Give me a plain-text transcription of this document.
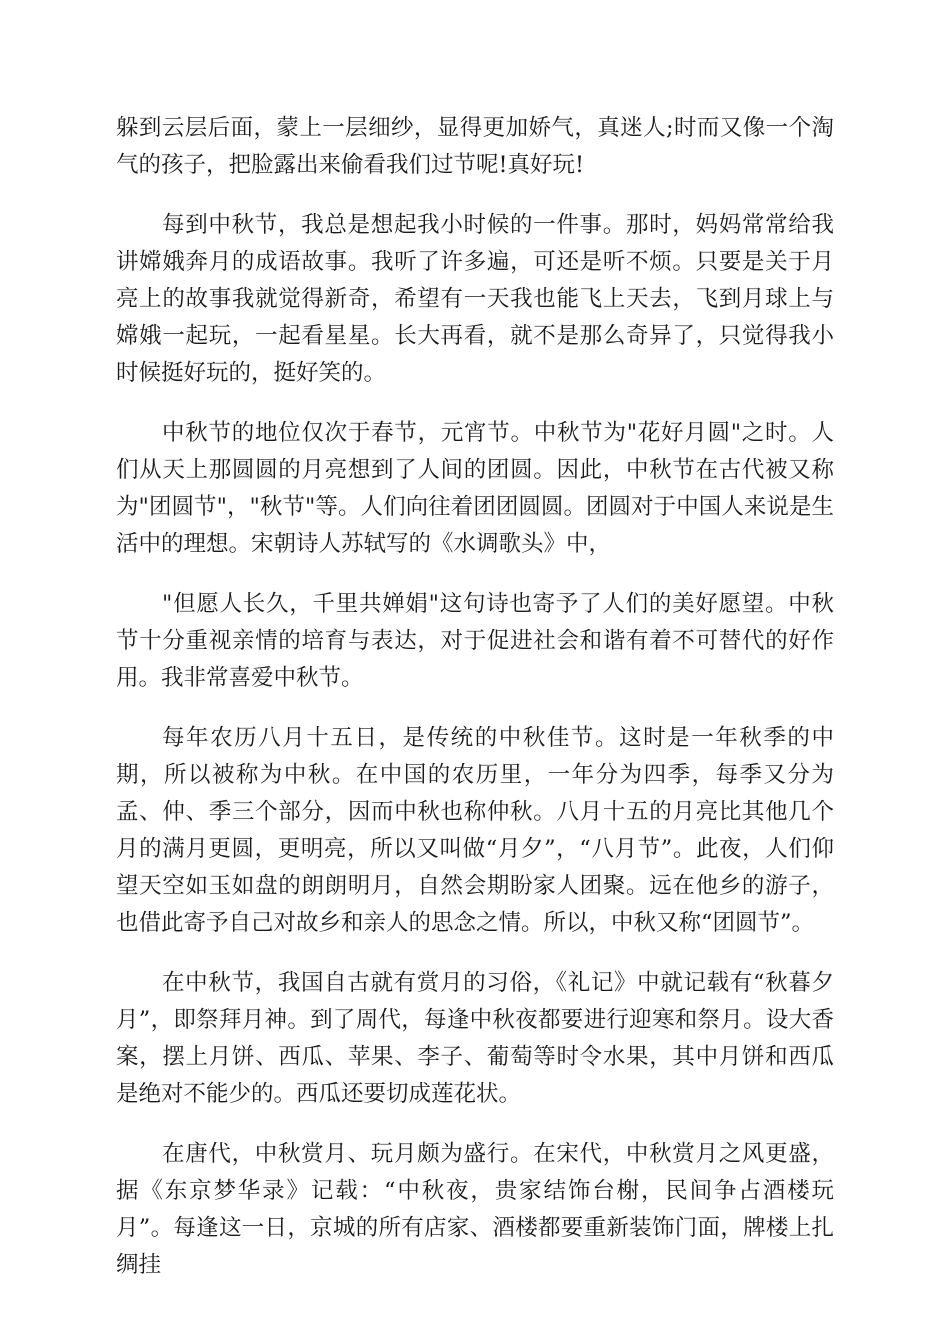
躲到云层后面，蒙上一层细纱，显得更加娇气，真迷人;时而又像一个淘气的孩子，把脸露出来偷看我们过节呢!真好玩!

每到中秋节，我总是想起我小时候的一件事。那时，妈妈常常给我讲嫦娥奔月的成语故事。我听了许多遍，可还是听不烦。只要是关于月亮上的故事我就觉得新奇，希望有一天我也能飞上天去，飞到月球上与嫦娥一起玩，一起看星星。长大再看，就不是那么奇异了，只觉得我小时候挺好玩的，挺好笑的。

中秋节的地位仅次于春节，元宵节。中秋节为"花好月圆"之时。人们从天上那圆圆的月亮想到了人间的团圆。因此，中秋节在古代被又称为"团圆节"，"秋节"等。人们向往着团团圆圆。团圆对于中国人来说是生活中的理想。宋朝诗人苏轼写的《水调歌头》中，

"但愿人长久，千里共婵娟"这句诗也寄予了人们的美好愿望。中秋节十分重视亲情的培育与表达，对于促进社会和谐有着不可替代的好作用。我非常喜爱中秋节。

每年农历八月十五日，是传统的中秋佳节。这时是一年秋季的中期，所以被称为中秋。在中国的农历里，一年分为四季，每季又分为孟、仲、季三个部分，因而中秋也称仲秋。八月十五的月亮比其他几个月的满月更圆，更明亮，所以又叫做“月夕”，“八月节”。此夜，人们仰望天空如玉如盘的朗朗明月，自然会期盼家人团聚。远在他乡的游子，也借此寄予自己对故乡和亲人的思念之情。所以，中秋又称“团圆节”。

在中秋节，我国自古就有赏月的习俗，《礼记》中就记载有“秋暮夕月”，即祭拜月神。到了周代，每逢中秋夜都要进行迎寒和祭月。设大香案，摆上月饼、西瓜、苹果、李子、葡萄等时令水果，其中月饼和西瓜是绝对不能少的。西瓜还要切成莲花状。

在唐代，中秋赏月、玩月颇为盛行。在宋代，中秋赏月之风更盛，据《东京梦华录》记载：“中秋夜，贵家结饰台榭，民间争占酒楼玩月”。每逢这一日，京城的所有店家、酒楼都要重新装饰门面，牌楼上扎绸挂
